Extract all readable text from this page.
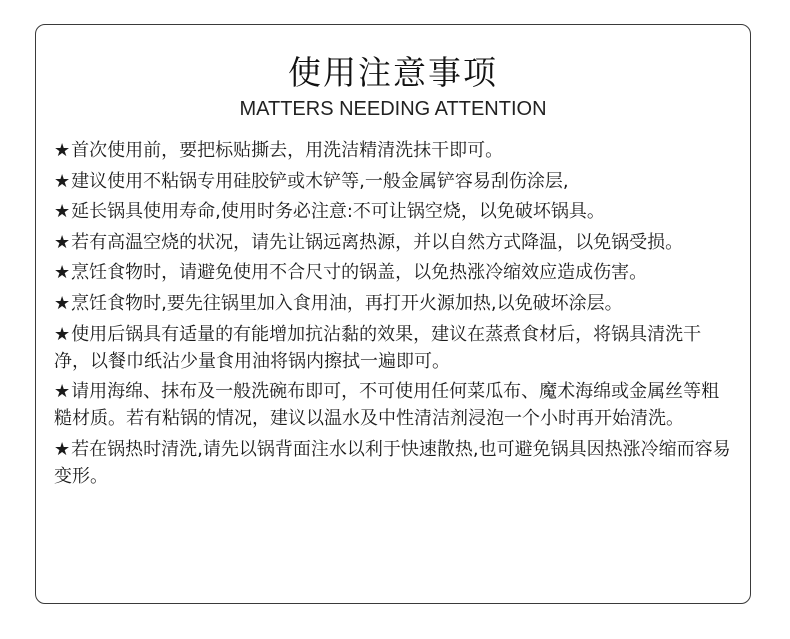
使用注意事项
MATTERS NEEDING ATTENTION
★首次使用前，要把标贴撕去，用洗洁精清洗抹干即可。
★建议使用不粘锅专用硅胶铲或木铲等,一般金属铲容易刮伤涂层,
★延长锅具使用寿命,使用时务必注意:不可让锅空烧，以免破坏锅具。
★若有高温空烧的状况，请先让锅远离热源，并以自然方式降温，以免锅受损。
★烹饪食物时，请避免使用不合尺寸的锅盖，以免热涨冷缩效应造成伤害。
★烹饪食物时,要先往锅里加入食用油，再打开火源加热,以免破坏涂层。
★使用后锅具有适量的有能增加抗沾黏的效果，建议在蒸煮食材后，将锅具清洗干净，以餐巾纸沾少量食用油将锅内擦拭一遍即可。
★请用海绵、抹布及一般洗碗布即可，不可使用任何菜瓜布、魔术海绵或金属丝等粗糙材质。若有粘锅的情况，建议以温水及中性清洁剂浸泡一个小时再开始清洗。
★若在锅热时清洗,请先以锅背面注水以利于快速散热,也可避免锅具因热涨冷缩而容易变形。
